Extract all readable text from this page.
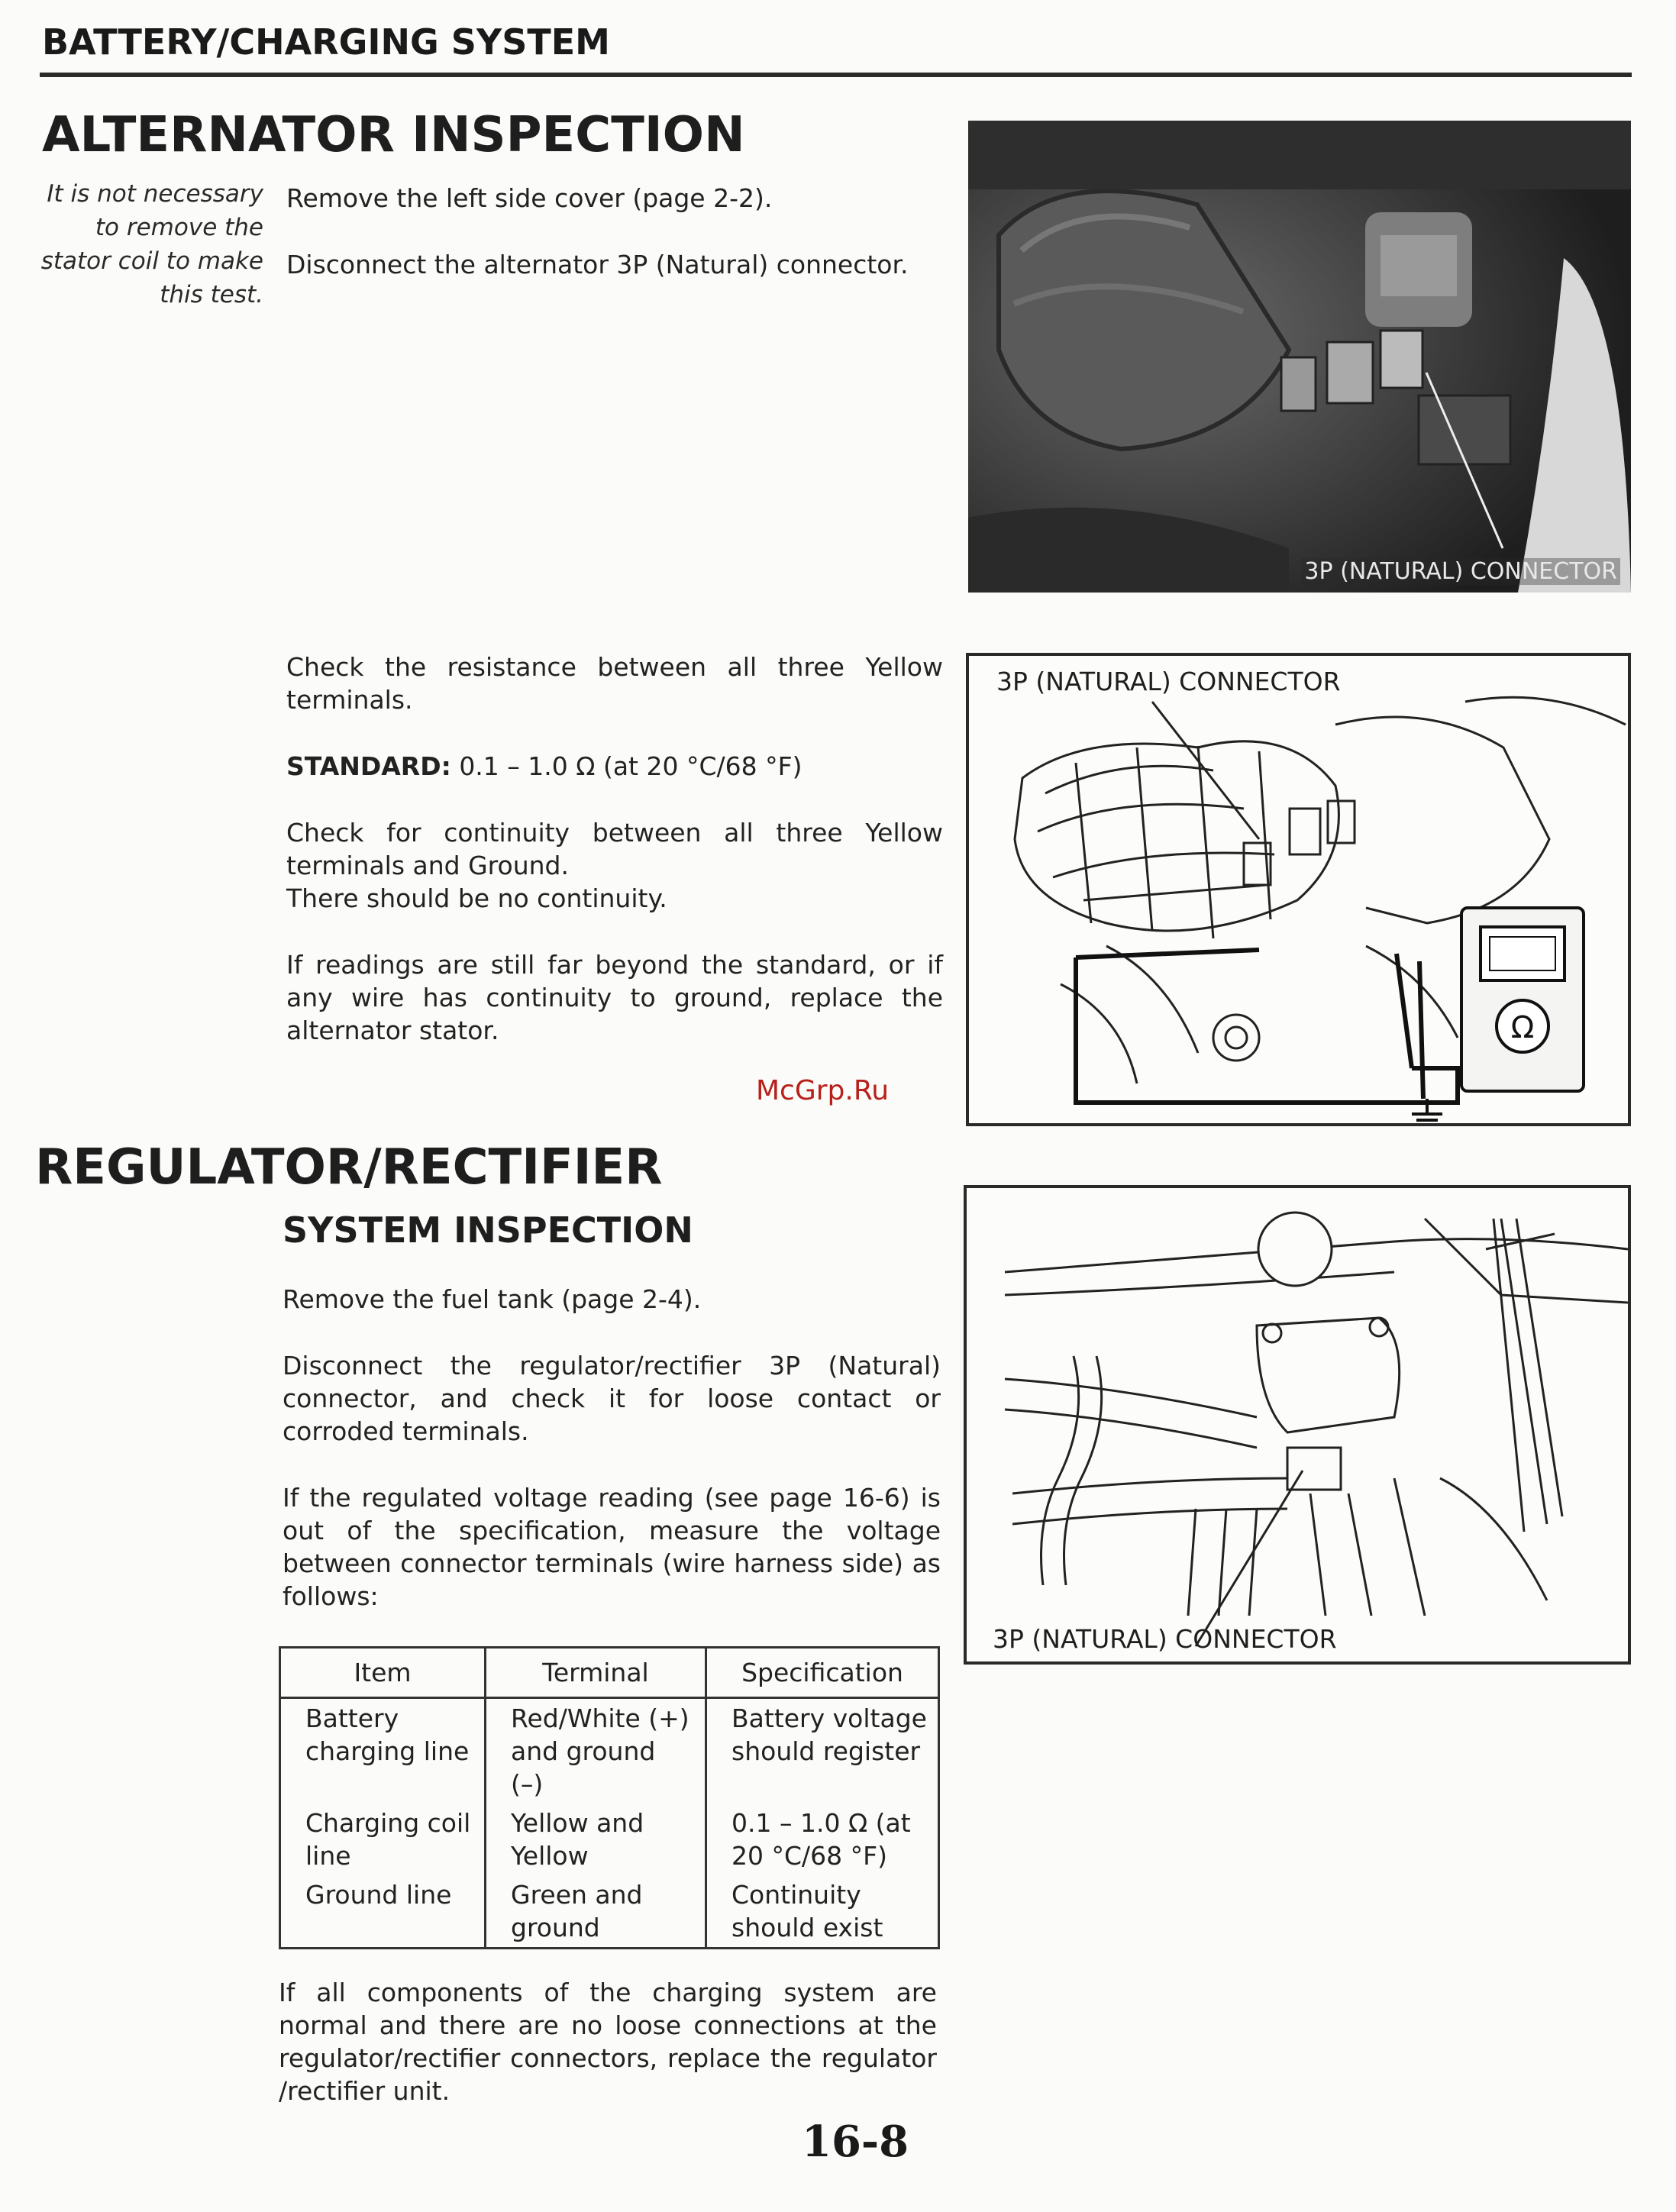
BATTERY/CHARGING SYSTEM
ALTERNATOR INSPECTION
It is not necessary to remove the stator coil to make this test.

Remove the left side cover (page 2-2).

Disconnect the alternator 3P (Natural) connector.

3P (NATURAL) CONNECTOR

Check the resistance between all three Yellow terminals.

STANDARD: 0.1 – 1.0 Ω (at 20 °C/68 °F)

Check for continuity between all three Yellow terminals and Ground.

There should be no continuity.

If readings are still far beyond the standard, or if any wire has continuity to ground, replace the alternator stator.

3P (NATURAL) CONNECTOR
Ω
McGrp.Ru
REGULATOR/RECTIFIER
SYSTEM INSPECTION

Remove the fuel tank (page 2-4).

Disconnect the regulator/rectifier 3P (Natural) connector, and check it for loose contact or corroded terminals.

If the regulated voltage reading (see page 16-6) is out of the specification, measure the voltage between connector terminals (wire harness side) as follows:

3P (NATURAL) CONNECTOR
Item	Terminal	Specification
Battery charging line	Red/White (+) and ground (–)	Battery voltage should register
Charging coil line	Yellow and Yellow	0.1 – 1.0 Ω (at 20 °C/68 °F)
Ground line	Green and ground	Continuity should exist
If all components of the charging system are normal and there are no loose connections at the regulator/rectifier connectors, replace the regulator /rectifier unit.
16-8
